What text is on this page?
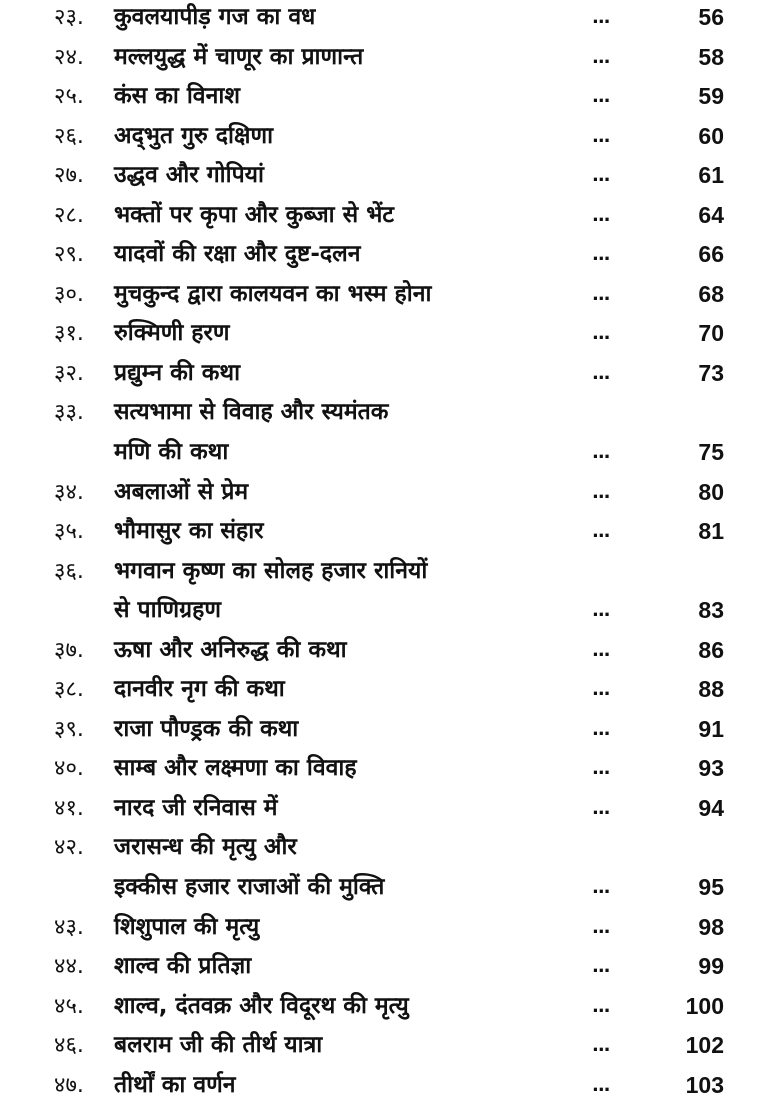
२३. कुवलयापीड़ गज का वध	...	56
२४. मल्लयुद्ध में चाणूर का प्राणान्त	...	58
२५. कंस का विनाश	...	59
२६. अद्‌भुत गुरु दक्षिणा	...	60
२७. उद्धव और गोपियां	...	61
२८. भक्तों पर कृपा और कुब्जा से भेंट	...	64
२९. यादवों की रक्षा और दुष्ट-दलन	...	66
३०. मुचकुन्द द्वारा कालयवन का भस्म होना	...	68
३१. रुक्मिणी हरण	...	70
३२. प्रद्युम्न की कथा	...	73
३३. सत्यभामा से विवाह और स्यमंतक
मणि की कथा	...	75
३४. अबलाओं से प्रेम	...	80
३५. भौमासुर का संहार	...	81
३६. भगवान कृष्ण का सोलह हजार रानियों
से पाणिग्रहण	...	83
३७. ऊषा और अनिरुद्ध की कथा	...	86
३८. दानवीर नृग की कथा	...	88
३९. राजा पौण्ड्रक की कथा	...	91
४०. साम्ब और लक्ष्मणा का विवाह	...	93
४१. नारद जी रनिवास में	...	94
४२. जरासन्ध की मृत्यु और
इक्कीस हजार राजाओं की मुक्ति	...	95
४३. शिशुपाल की मृत्यु	...	98
४४. शाल्व की प्रतिज्ञा	...	99
४५. शाल्व, दंतवक्र और विदूरथ की मृत्यु	...	100
४६. बलराम जी की तीर्थ यात्रा	...	102
४७. तीर्थों का वर्णन	...	103
